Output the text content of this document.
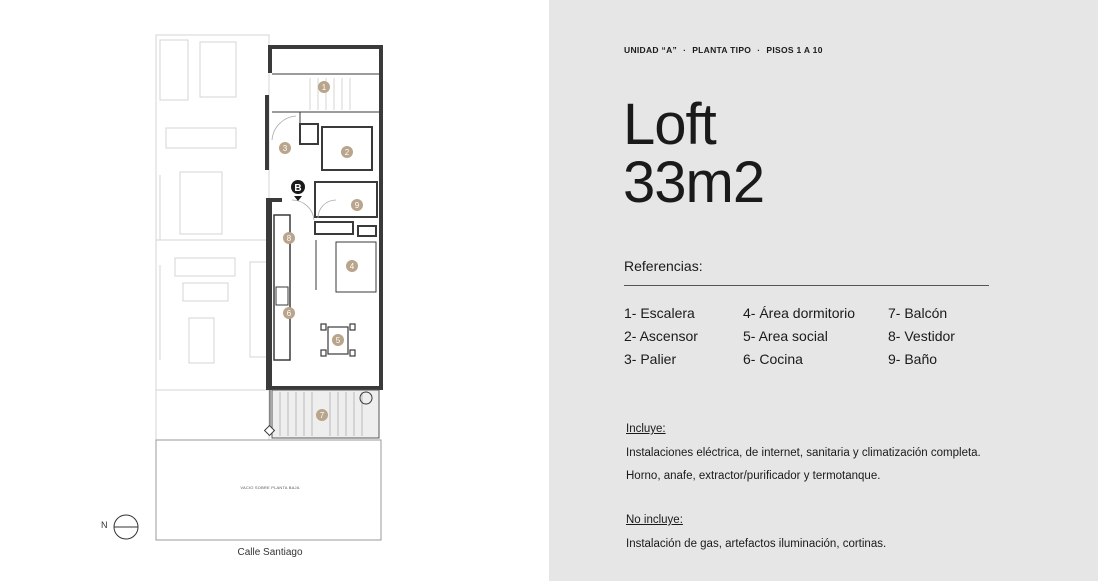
1
2
3
4
5
6
7
8
9
B
VACIO SOBRE PLANTA BAJA
N
Calle Santiago
UNIDAD “A” · PLANTA TIPO · PISOS 1 A 10
Loft
33m2
Referencias:
1- Escalera
2- Ascensor
3- Palier
4- Área dormitorio
5- Area social
6- Cocina
7- Balcón
8- Vestidor
9- Baño
Incluye:
Instalaciones eléctrica, de internet, sanitaria y climatización completa.
Horno, anafe, extractor/purificador y termotanque.
No incluye:
Instalación de gas, artefactos iluminación, cortinas.
